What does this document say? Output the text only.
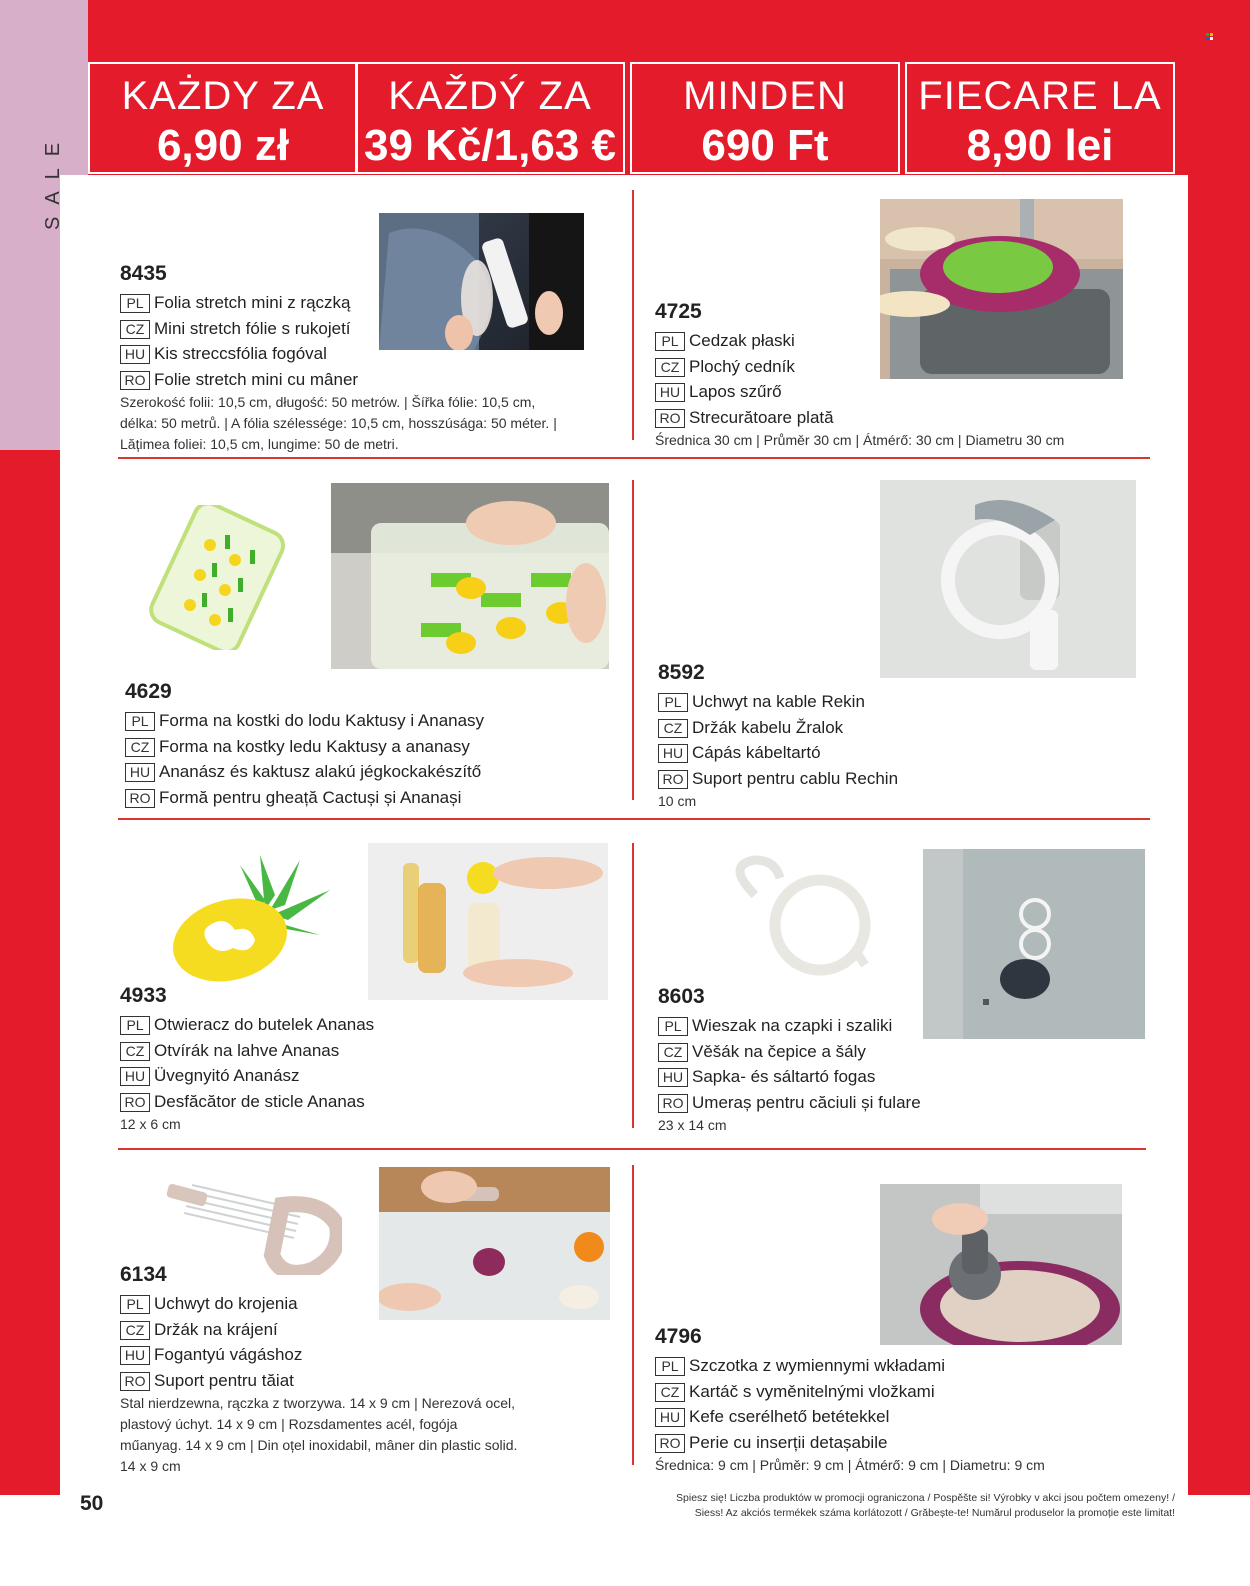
SALE
KAŻDY ZA
6,90 zł
KAŽDÝ ZA
39 Kč/1,63 €
MINDEN
690 Ft
FIECARE LA
8,90 lei
8435
PL Folia stretch mini z rączką
CZ Mini stretch fólie s rukojetí
HU Kis streccsfólia fogóval
RO Folie stretch mini cu mâner
Szerokość folii: 10,5 cm, długość: 50 metrów. | Šířka fólie: 10,5 cm, délka: 50 metrů. | A fólia szélessége: 10,5 cm, hosszúsága: 50 méter. | Lățimea foliei: 10,5 cm, lungime: 50 de metri.
4725
PL Cedzak płaski
CZ Plochý cedník
HU Lapos szűrő
RO Strecurătoare plată
Średnica 30 cm | Průměr 30 cm | Átmérő: 30 cm | Diametru 30 cm
4629
PL Forma na kostki do lodu Kaktusy i Ananasy
CZ Forma na kostky ledu Kaktusy a ananasy
HU Ananász és kaktusz alakú jégkockakészítő
RO Formă pentru gheață Cactuși și Ananași
8592
PL Uchwyt na kable Rekin
CZ Držák kabelu Žralok
HU Cápás kábeltartó
RO Suport pentru cablu Rechin
10 cm
4933
PL Otwieracz do butelek Ananas
CZ Otvírák na lahve Ananas
HU Üvegnyitó Ananász
RO Desfăcător de sticle Ananas
12 x 6 cm
8603
PL Wieszak na czapki i szaliki
CZ Věšák na čepice a šály
HU Sapka- és sáltartó fogas
RO Umeraș pentru căciuli și fulare
23 x 14 cm
6134
PL Uchwyt do krojenia
CZ Držák na krájení
HU Fogantyú vágáshoz
RO Suport pentru tăiat
Stal nierdzewna, rączka z tworzywa. 14 x 9 cm | Nerezová ocel, plastový úchyt. 14 x 9 cm | Rozsdamentes acél, fogója műanyag. 14 x 9 cm | Din oțel inoxidabil, mâner din plastic solid. 14 x 9 cm
4796
PL Szczotka z wymiennymi wkładami
CZ Kartáč s vyměnitelnými vložkami
HU Kefe cserélhető betétekkel
RO Perie cu inserții detașabile
Średnica: 9 cm | Průměr: 9 cm | Átmérő: 9 cm | Diametru: 9 cm
50	Spiesz się! Liczba produktów w promocji ograniczona / Pospěšte si! Výrobky v akci jsou počtem omezeny! /
Siess! Az akciós termékek száma korlátozott / Grăbește-te! Numărul produselor la promoție este limitat!
